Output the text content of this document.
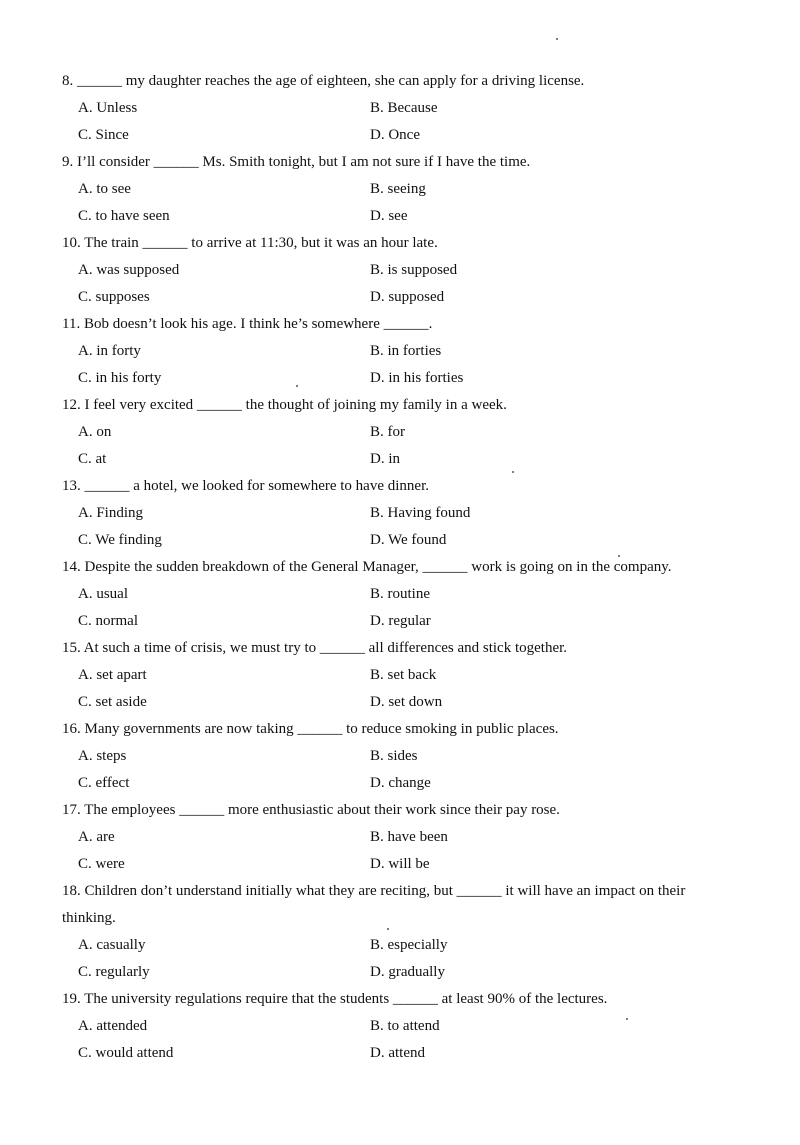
8. ______ my daughter reaches the age of eighteen, she can apply for a driving license.
A. Unless	B. Because
C. Since	D. Once
9. I’ll consider ______ Ms. Smith tonight, but I am not sure if I have the time.
A. to see	B. seeing
C. to have seen	D. see
10. The train ______ to arrive at 11:30, but it was an hour late.
A. was supposed	B. is supposed
C. supposes	D. supposed
11. Bob doesn’t look his age. I think he’s somewhere ______.
A. in forty	B. in forties
C. in his forty	D. in his forties
12. I feel very excited ______ the thought of joining my family in a week.
A. on	B. for
C. at	D. in
13. ______ a hotel, we looked for somewhere to have dinner.
A. Finding	B. Having found
C. We finding	D. We found
14. Despite the sudden breakdown of the General Manager, ______ work is going on in the company.
A. usual	B. routine
C. normal	D. regular
15. At such a time of crisis, we must try to ______ all differences and stick together.
A. set apart	B. set back
C. set aside	D. set down
16. Many governments are now taking ______ to reduce smoking in public places.
A. steps	B. sides
C. effect	D. change
17. The employees ______ more enthusiastic about their work since their pay rose.
A. are	B. have been
C. were	D. will be
18. Children don’t understand initially what they are reciting, but ______ it will have an impact on their thinking.
A. casually	B. especially
C. regularly	D. gradually
19. The university regulations require that the students ______ at least 90% of the lectures.
A. attended	B. to attend
C. would attend	D. attend
